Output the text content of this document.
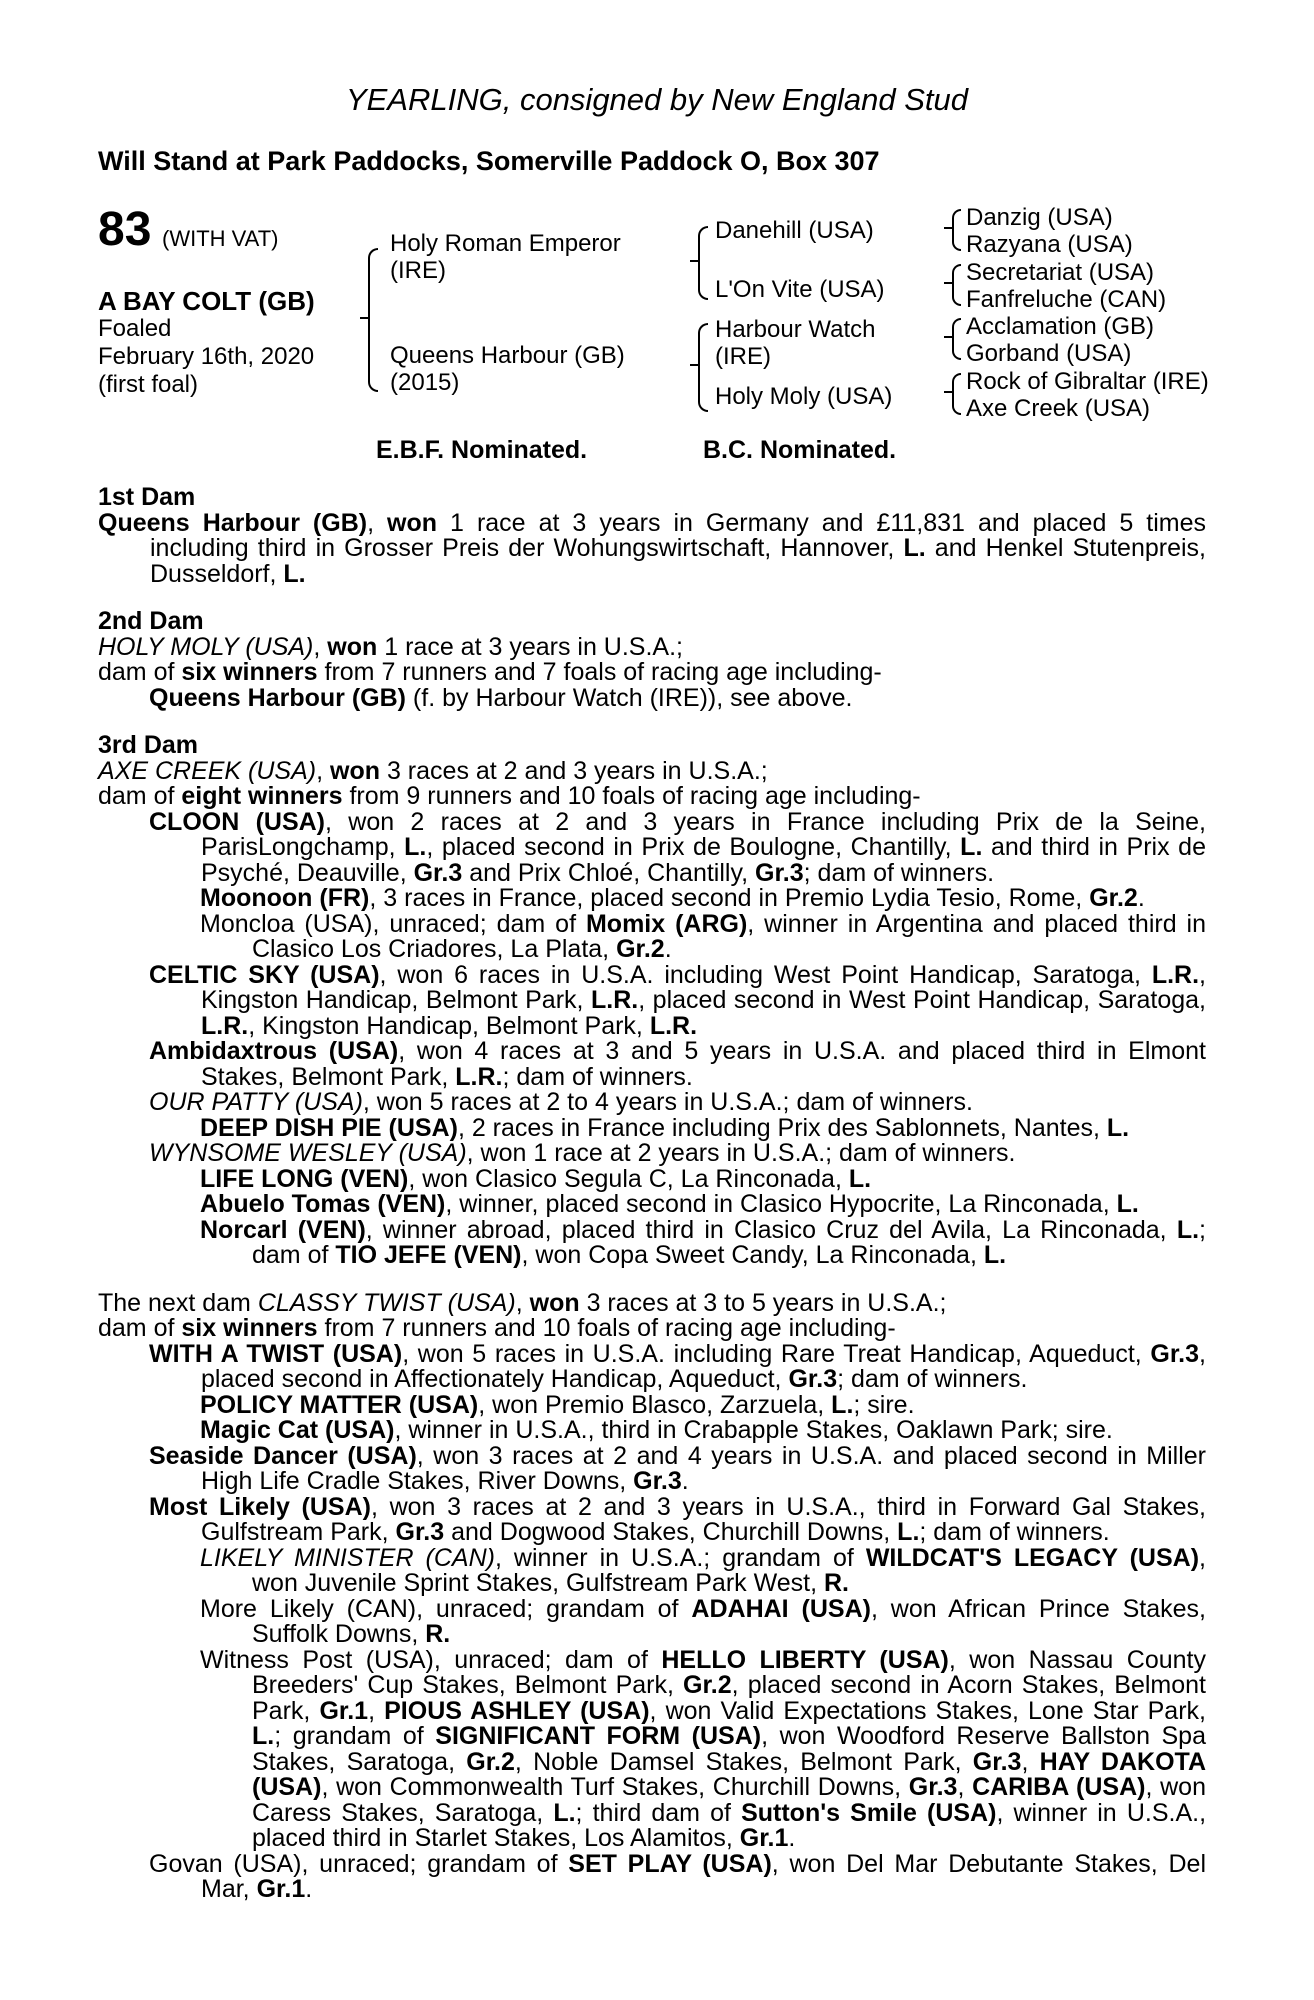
YEARLING, consigned by New England Stud
Will Stand at Park Paddocks, Somerville Paddock O, Box 307
83 (WITH VAT)
A BAY COLT (GB)
Foaled
February 16th, 2020
(first foal)
Holy Roman Emperor
(IRE)
Queens Harbour (GB)
(2015)
Danehill (USA)
L'On Vite (USA)
Harbour Watch
(IRE)
Holy Moly (USA)
Danzig (USA)
Razyana (USA)
Secretariat (USA)
Fanfreluche (CAN)
Acclamation (GB)
Gorband (USA)
Rock of Gibraltar (IRE)
Axe Creek (USA)
E.B.F. Nominated.	B.C. Nominated.
1st Dam

Queens Harbour (GB), won 1 race at 3 years in Germany and £11,831 and placed 5 times including third in Grosser Preis der Wohungswirtschaft, Hannover, L. and Henkel Stutenpreis, Dusseldorf, L.

2nd Dam

HOLY MOLY (USA), won 1 race at 3 years in U.S.A.;

dam of six winners from 7 runners and 7 foals of racing age including-

Queens Harbour (GB) (f. by Harbour Watch (IRE)), see above.

3rd Dam

AXE CREEK (USA), won 3 races at 2 and 3 years in U.S.A.;

dam of eight winners from 9 runners and 10 foals of racing age including-

CLOON (USA), won 2 races at 2 and 3 years in France including Prix de la Seine, ParisLongchamp, L., placed second in Prix de Boulogne, Chantilly, L. and third in Prix de Psyché, Deauville, Gr.3 and Prix Chloé, Chantilly, Gr.3; dam of winners.

Moonoon (FR), 3 races in France, placed second in Premio Lydia Tesio, Rome, Gr.2.

Moncloa (USA), unraced; dam of Momix (ARG), winner in Argentina and placed third in Clasico Los Criadores, La Plata, Gr.2.

CELTIC SKY (USA), won 6 races in U.S.A. including West Point Handicap, Saratoga, L.R., Kingston Handicap, Belmont Park, L.R., placed second in West Point Handicap, Saratoga, L.R., Kingston Handicap, Belmont Park, L.R.

Ambidaxtrous (USA), won 4 races at 3 and 5 years in U.S.A. and placed third in Elmont Stakes, Belmont Park, L.R.; dam of winners.

OUR PATTY (USA), won 5 races at 2 to 4 years in U.S.A.; dam of winners.

DEEP DISH PIE (USA), 2 races in France including Prix des Sablonnets, Nantes, L.

WYNSOME WESLEY (USA), won 1 race at 2 years in U.S.A.; dam of winners.

LIFE LONG (VEN), won Clasico Segula C, La Rinconada, L.

Abuelo Tomas (VEN), winner, placed second in Clasico Hypocrite, La Rinconada, L.

Norcarl (VEN), winner abroad, placed third in Clasico Cruz del Avila, La Rinconada, L.; dam of TIO JEFE (VEN), won Copa Sweet Candy, La Rinconada, L.

The next dam CLASSY TWIST (USA), won 3 races at 3 to 5 years in U.S.A.;

dam of six winners from 7 runners and 10 foals of racing age including-

WITH A TWIST (USA), won 5 races in U.S.A. including Rare Treat Handicap, Aqueduct, Gr.3, placed second in Affectionately Handicap, Aqueduct, Gr.3; dam of winners.

POLICY MATTER (USA), won Premio Blasco, Zarzuela, L.; sire.

Magic Cat (USA), winner in U.S.A., third in Crabapple Stakes, Oaklawn Park; sire.

Seaside Dancer (USA), won 3 races at 2 and 4 years in U.S.A. and placed second in Miller High Life Cradle Stakes, River Downs, Gr.3.

Most Likely (USA), won 3 races at 2 and 3 years in U.S.A., third in Forward Gal Stakes, Gulfstream Park, Gr.3 and Dogwood Stakes, Churchill Downs, L.; dam of winners.

LIKELY MINISTER (CAN), winner in U.S.A.; grandam of WILDCAT'S LEGACY (USA), won Juvenile Sprint Stakes, Gulfstream Park West, R.

More Likely (CAN), unraced; grandam of ADAHAI (USA), won African Prince Stakes, Suffolk Downs, R.

Witness Post (USA), unraced; dam of HELLO LIBERTY (USA), won Nassau County Breeders' Cup Stakes, Belmont Park, Gr.2, placed second in Acorn Stakes, Belmont Park, Gr.1, PIOUS ASHLEY (USA), won Valid Expectations Stakes, Lone Star Park, L.; grandam of SIGNIFICANT FORM (USA), won Woodford Reserve Ballston Spa Stakes, Saratoga, Gr.2, Noble Damsel Stakes, Belmont Park, Gr.3, HAY DAKOTA (USA), won Commonwealth Turf Stakes, Churchill Downs, Gr.3, CARIBA (USA), won Caress Stakes, Saratoga, L.; third dam of Sutton's Smile (USA), winner in U.S.A., placed third in Starlet Stakes, Los Alamitos, Gr.1.

Govan (USA), unraced; grandam of SET PLAY (USA), won Del Mar Debutante Stakes, Del Mar, Gr.1.
